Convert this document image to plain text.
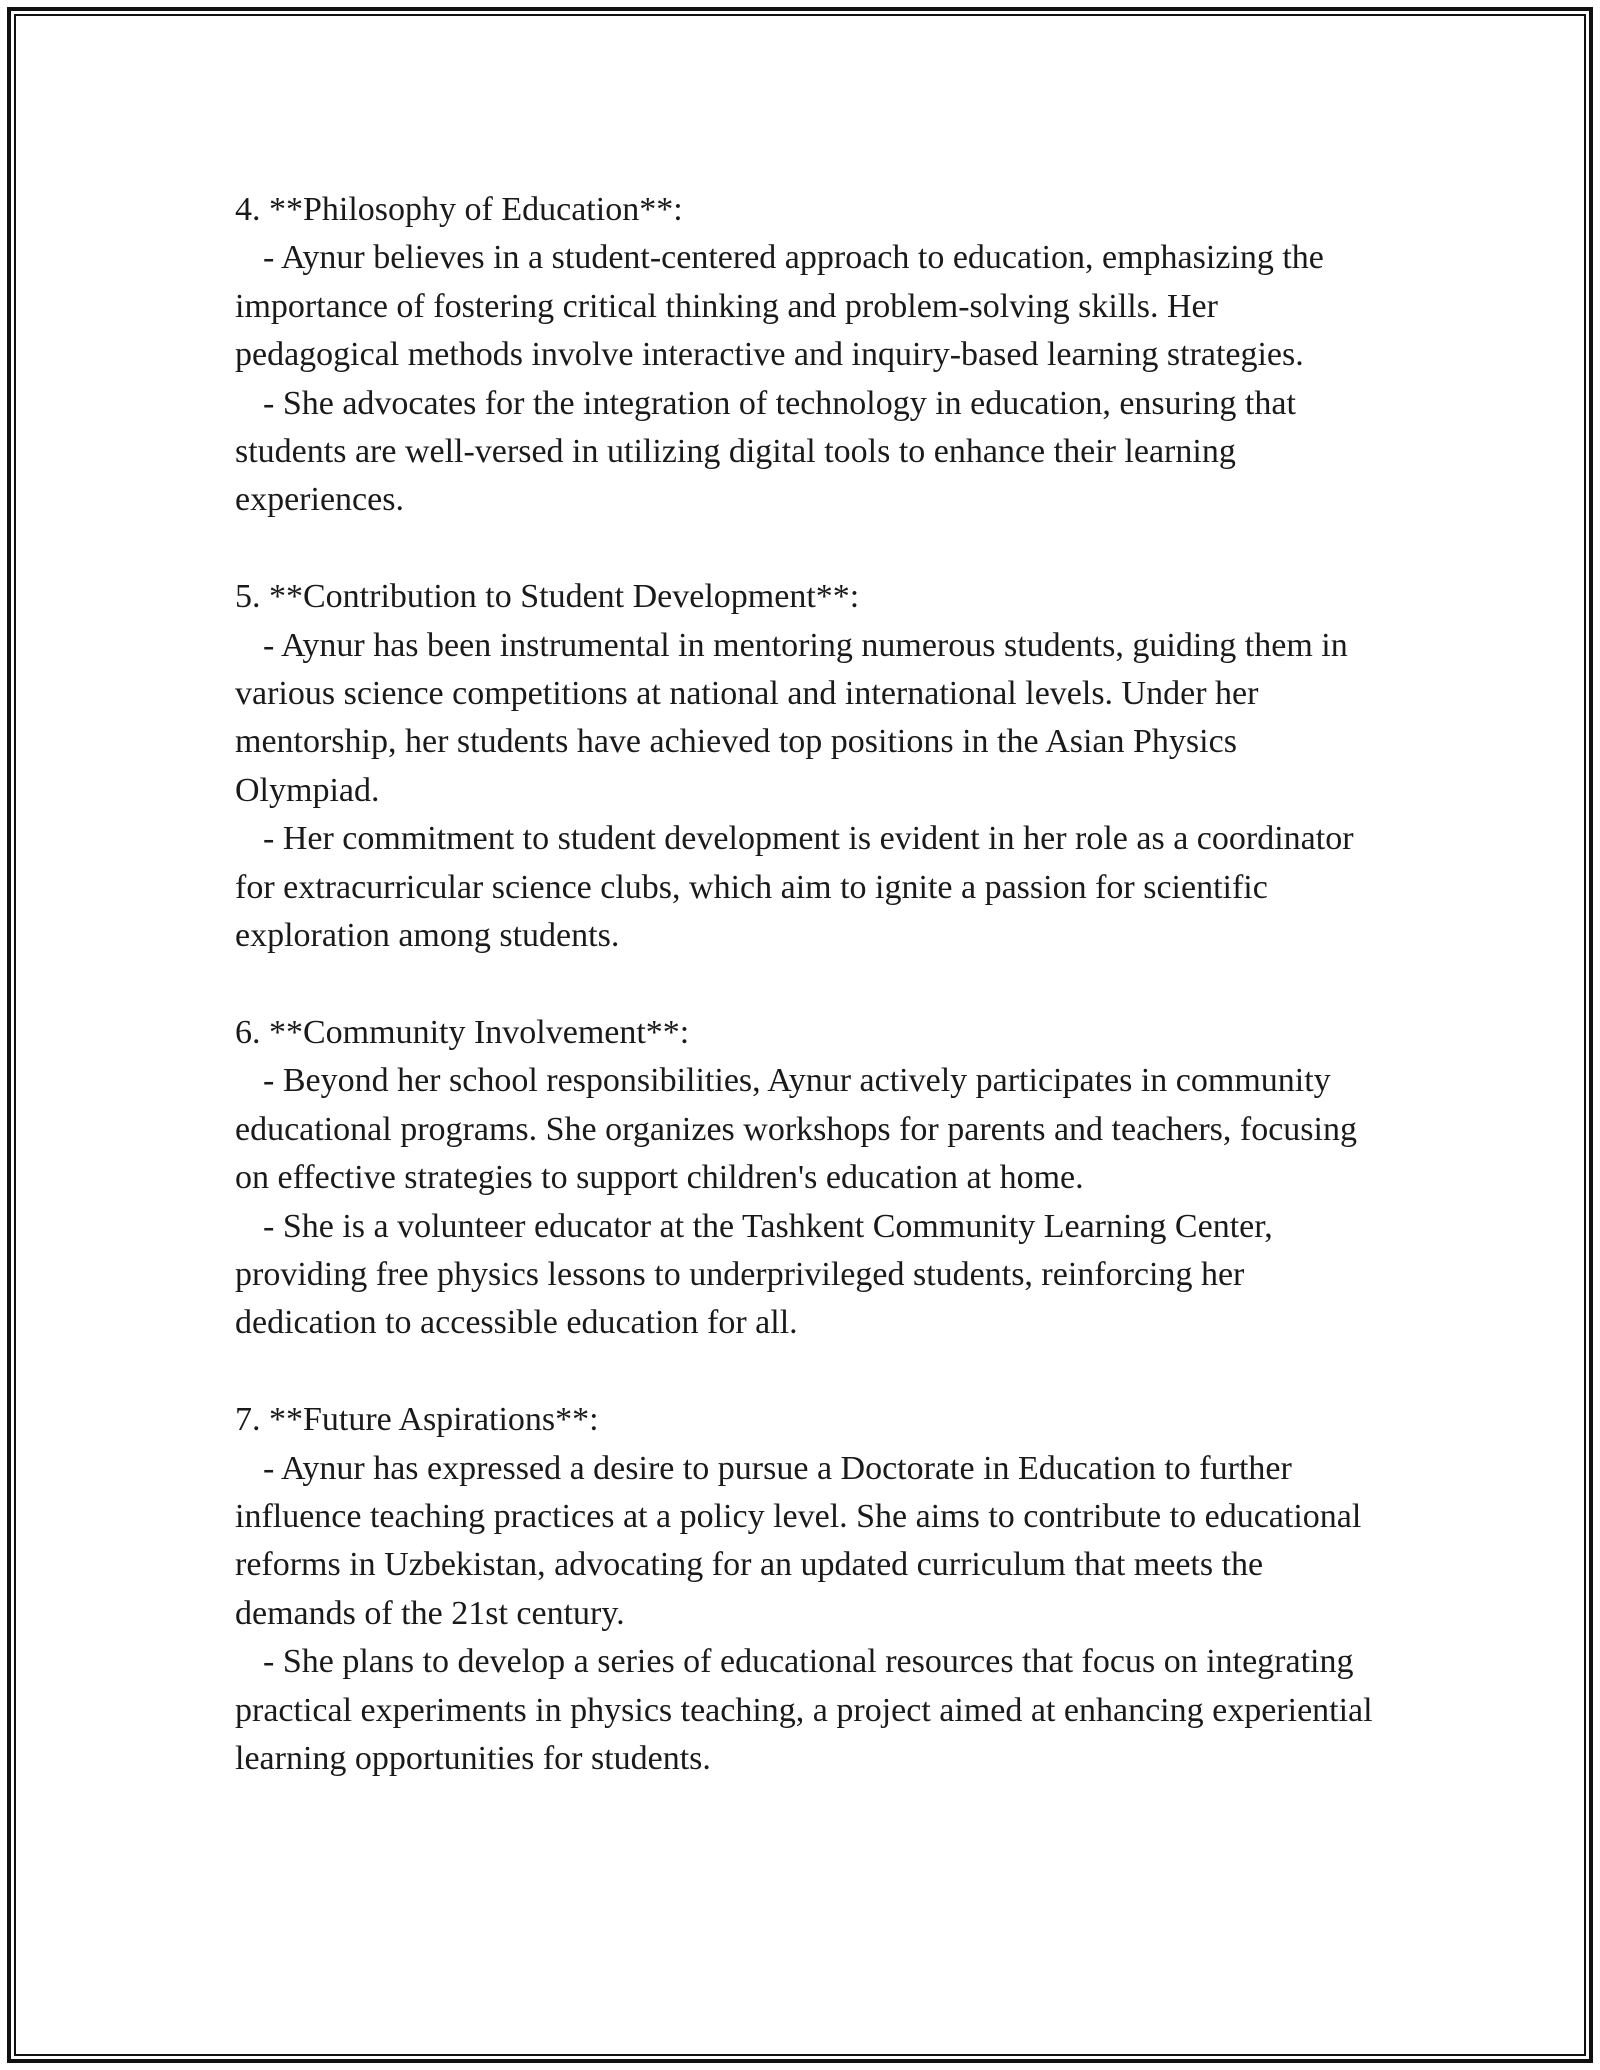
4. **Philosophy of Education**:

- Aynur believes in a student-centered approach to education, emphasizing the importance of fostering critical thinking and problem-solving skills. Her pedagogical methods involve interactive and inquiry-based learning strategies.

- She advocates for the integration of technology in education, ensuring that students are well-versed in utilizing digital tools to enhance their learning experiences.

5. **Contribution to Student Development**:

- Aynur has been instrumental in mentoring numerous students, guiding them in various science competitions at national and international levels. Under her mentorship, her students have achieved top positions in the Asian Physics Olympiad.

- Her commitment to student development is evident in her role as a coordinator for extracurricular science clubs, which aim to ignite a passion for scientific exploration among students.

6. **Community Involvement**:

- Beyond her school responsibilities, Aynur actively participates in community educational programs. She organizes workshops for parents and teachers, focusing on effective strategies to support children's education at home.

- She is a volunteer educator at the Tashkent Community Learning Center, providing free physics lessons to underprivileged students, reinforcing her dedication to accessible education for all.

7. **Future Aspirations**:

- Aynur has expressed a desire to pursue a Doctorate in Education to further influence teaching practices at a policy level. She aims to contribute to educational reforms in Uzbekistan, advocating for an updated curriculum that meets the demands of the 21st century.

- She plans to develop a series of educational resources that focus on integrating practical experiments in physics teaching, a project aimed at enhancing experiential learning opportunities for students.
